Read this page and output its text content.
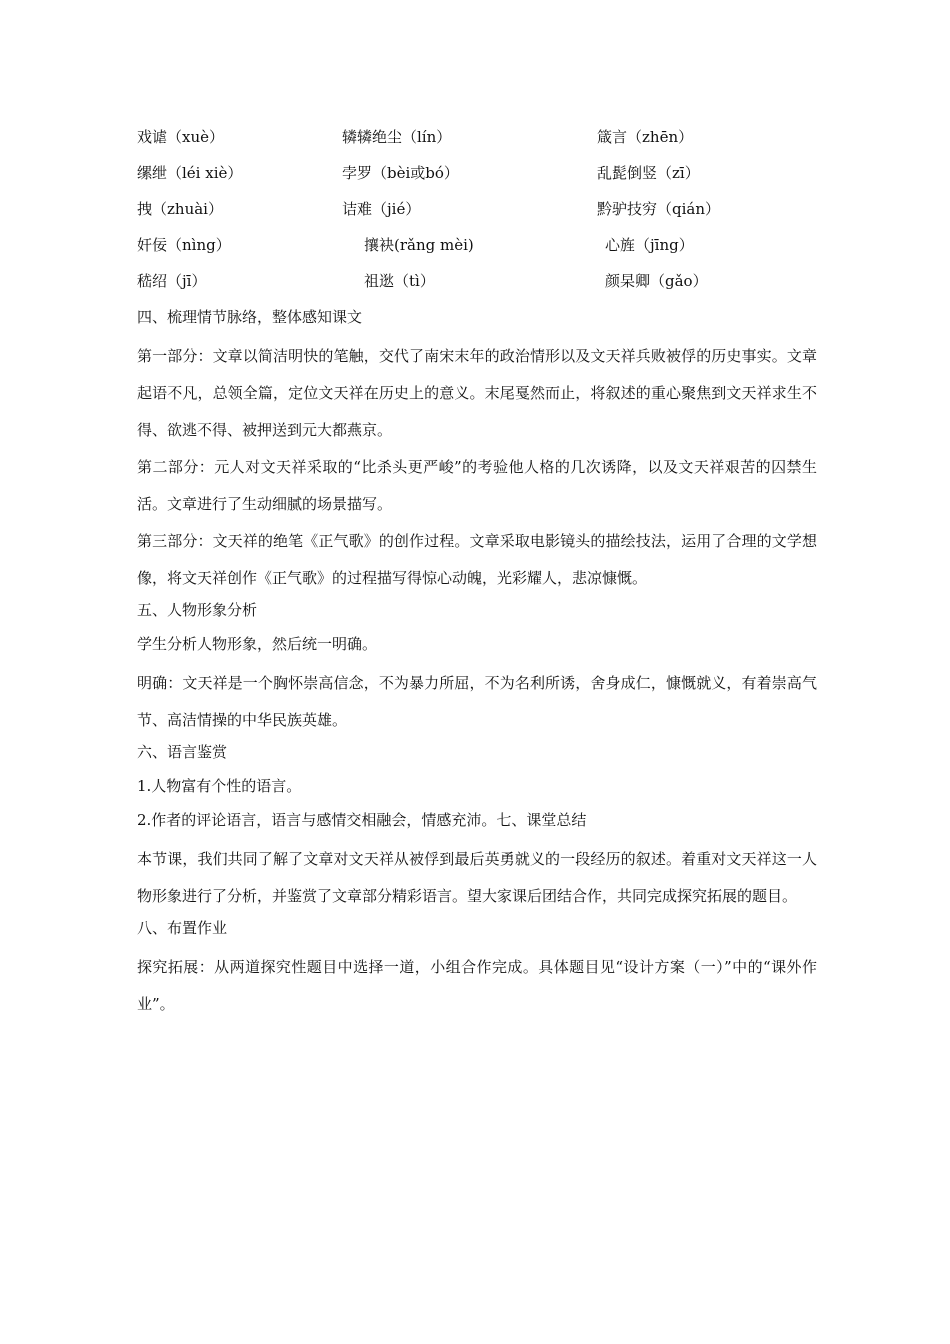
戏谑（xuè）	辚辚绝尘（lín）	箴言（zhēn）
缧绁（léi xiè）	孛罗（bèi或bó）	乱髭倒竖（zī）
拽（zhuài）	诘难（jié）	黔驴技穷（qián）
奸佞（nìng）	攘袂(rǎng mèi)	心旌（jīng）
嵇绍（jī）	祖逖（tì）	颜杲卿（gǎo）
四、梳理情节脉络，整体感知课文

第一部分：文章以简洁明快的笔触，交代了南宋末年的政治情形以及文天祥兵败被俘的历史事实。文章起语不凡，总领全篇，定位文天祥在历史上的意义。末尾戛然而止，将叙述的重心聚焦到文天祥求生不得、欲逃不得、被押送到元大都燕京。

第二部分：元人对文天祥采取的“比杀头更严峻”的考验他人格的几次诱降，以及文天祥艰苦的囚禁生活。文章进行了生动细腻的场景描写。

第三部分：文天祥的绝笔《正气歌》的创作过程。文章采取电影镜头的描绘技法，运用了合理的文学想像，将文天祥创作《正气歌》的过程描写得惊心动魄，光彩耀人，悲凉慷慨。

五、人物形象分析

学生分析人物形象，然后统一明确。

明确：文天祥是一个胸怀崇高信念，不为暴力所屈，不为名利所诱，舍身成仁，慷慨就义，有着崇高气节、高洁情操的中华民族英雄。

六、语言鉴赏

1.人物富有个性的语言。

2.作者的评论语言，语言与感情交相融会，情感充沛。七、课堂总结

本节课，我们共同了解了文章对文天祥从被俘到最后英勇就义的一段经历的叙述。着重对文天祥这一人物形象进行了分析，并鉴赏了文章部分精彩语言。望大家课后团结合作，共同完成探究拓展的题目。

八、布置作业

探究拓展：从两道探究性题目中选择一道，小组合作完成。具体题目见“设计方案（一）”中的“课外作业”。
